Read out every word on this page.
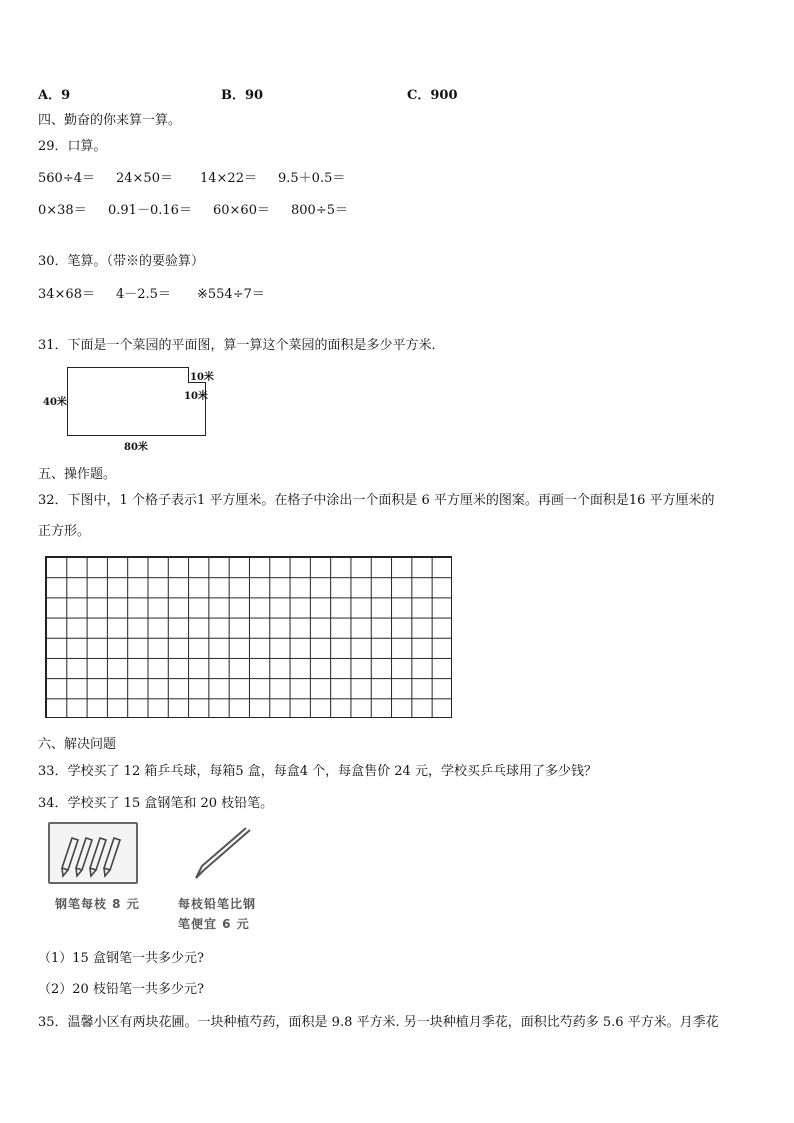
A．9	B．90	C．900
四、勤奋的你来算一算。
29．口算。
560÷4＝ 24×50＝ 14×22＝ 9.5＋0.5＝
0×38＝ 0.91－0.16＝ 60×60＝ 800÷5＝
30．笔算。（带※的要验算）
34×68＝ 4－2.5＝ ※554÷7＝
31．下面是一个菜园的平面图，算一算这个菜园的面积是多少平方米．
40米
80米
10米
10米
五、操作题。
32．下图中，1 个格子表示1 平方厘米。在格子中涂出一个面积是 6 平方厘米的图案。再画一个面积是16 平方厘米的
正方形。
六、解决问题
33．学校买了 12 箱乒乓球，每箱5 盒，每盒4 个，每盒售价 24 元，学校买乒乓球用了多少钱？
34．学校买了 15 盒钢笔和 20 枝铅笔。
钢笔每枝 8 元	每枝铅笔比钢
笔便宜 6 元
（1）15 盒钢笔一共多少元?
（2）20 枝铅笔一共多少元?
35．温馨小区有两块花圃。一块种植芍药，面积是 9.8 平方米. 另一块种植月季花，面积比芍药多 5.6 平方米。月季花
